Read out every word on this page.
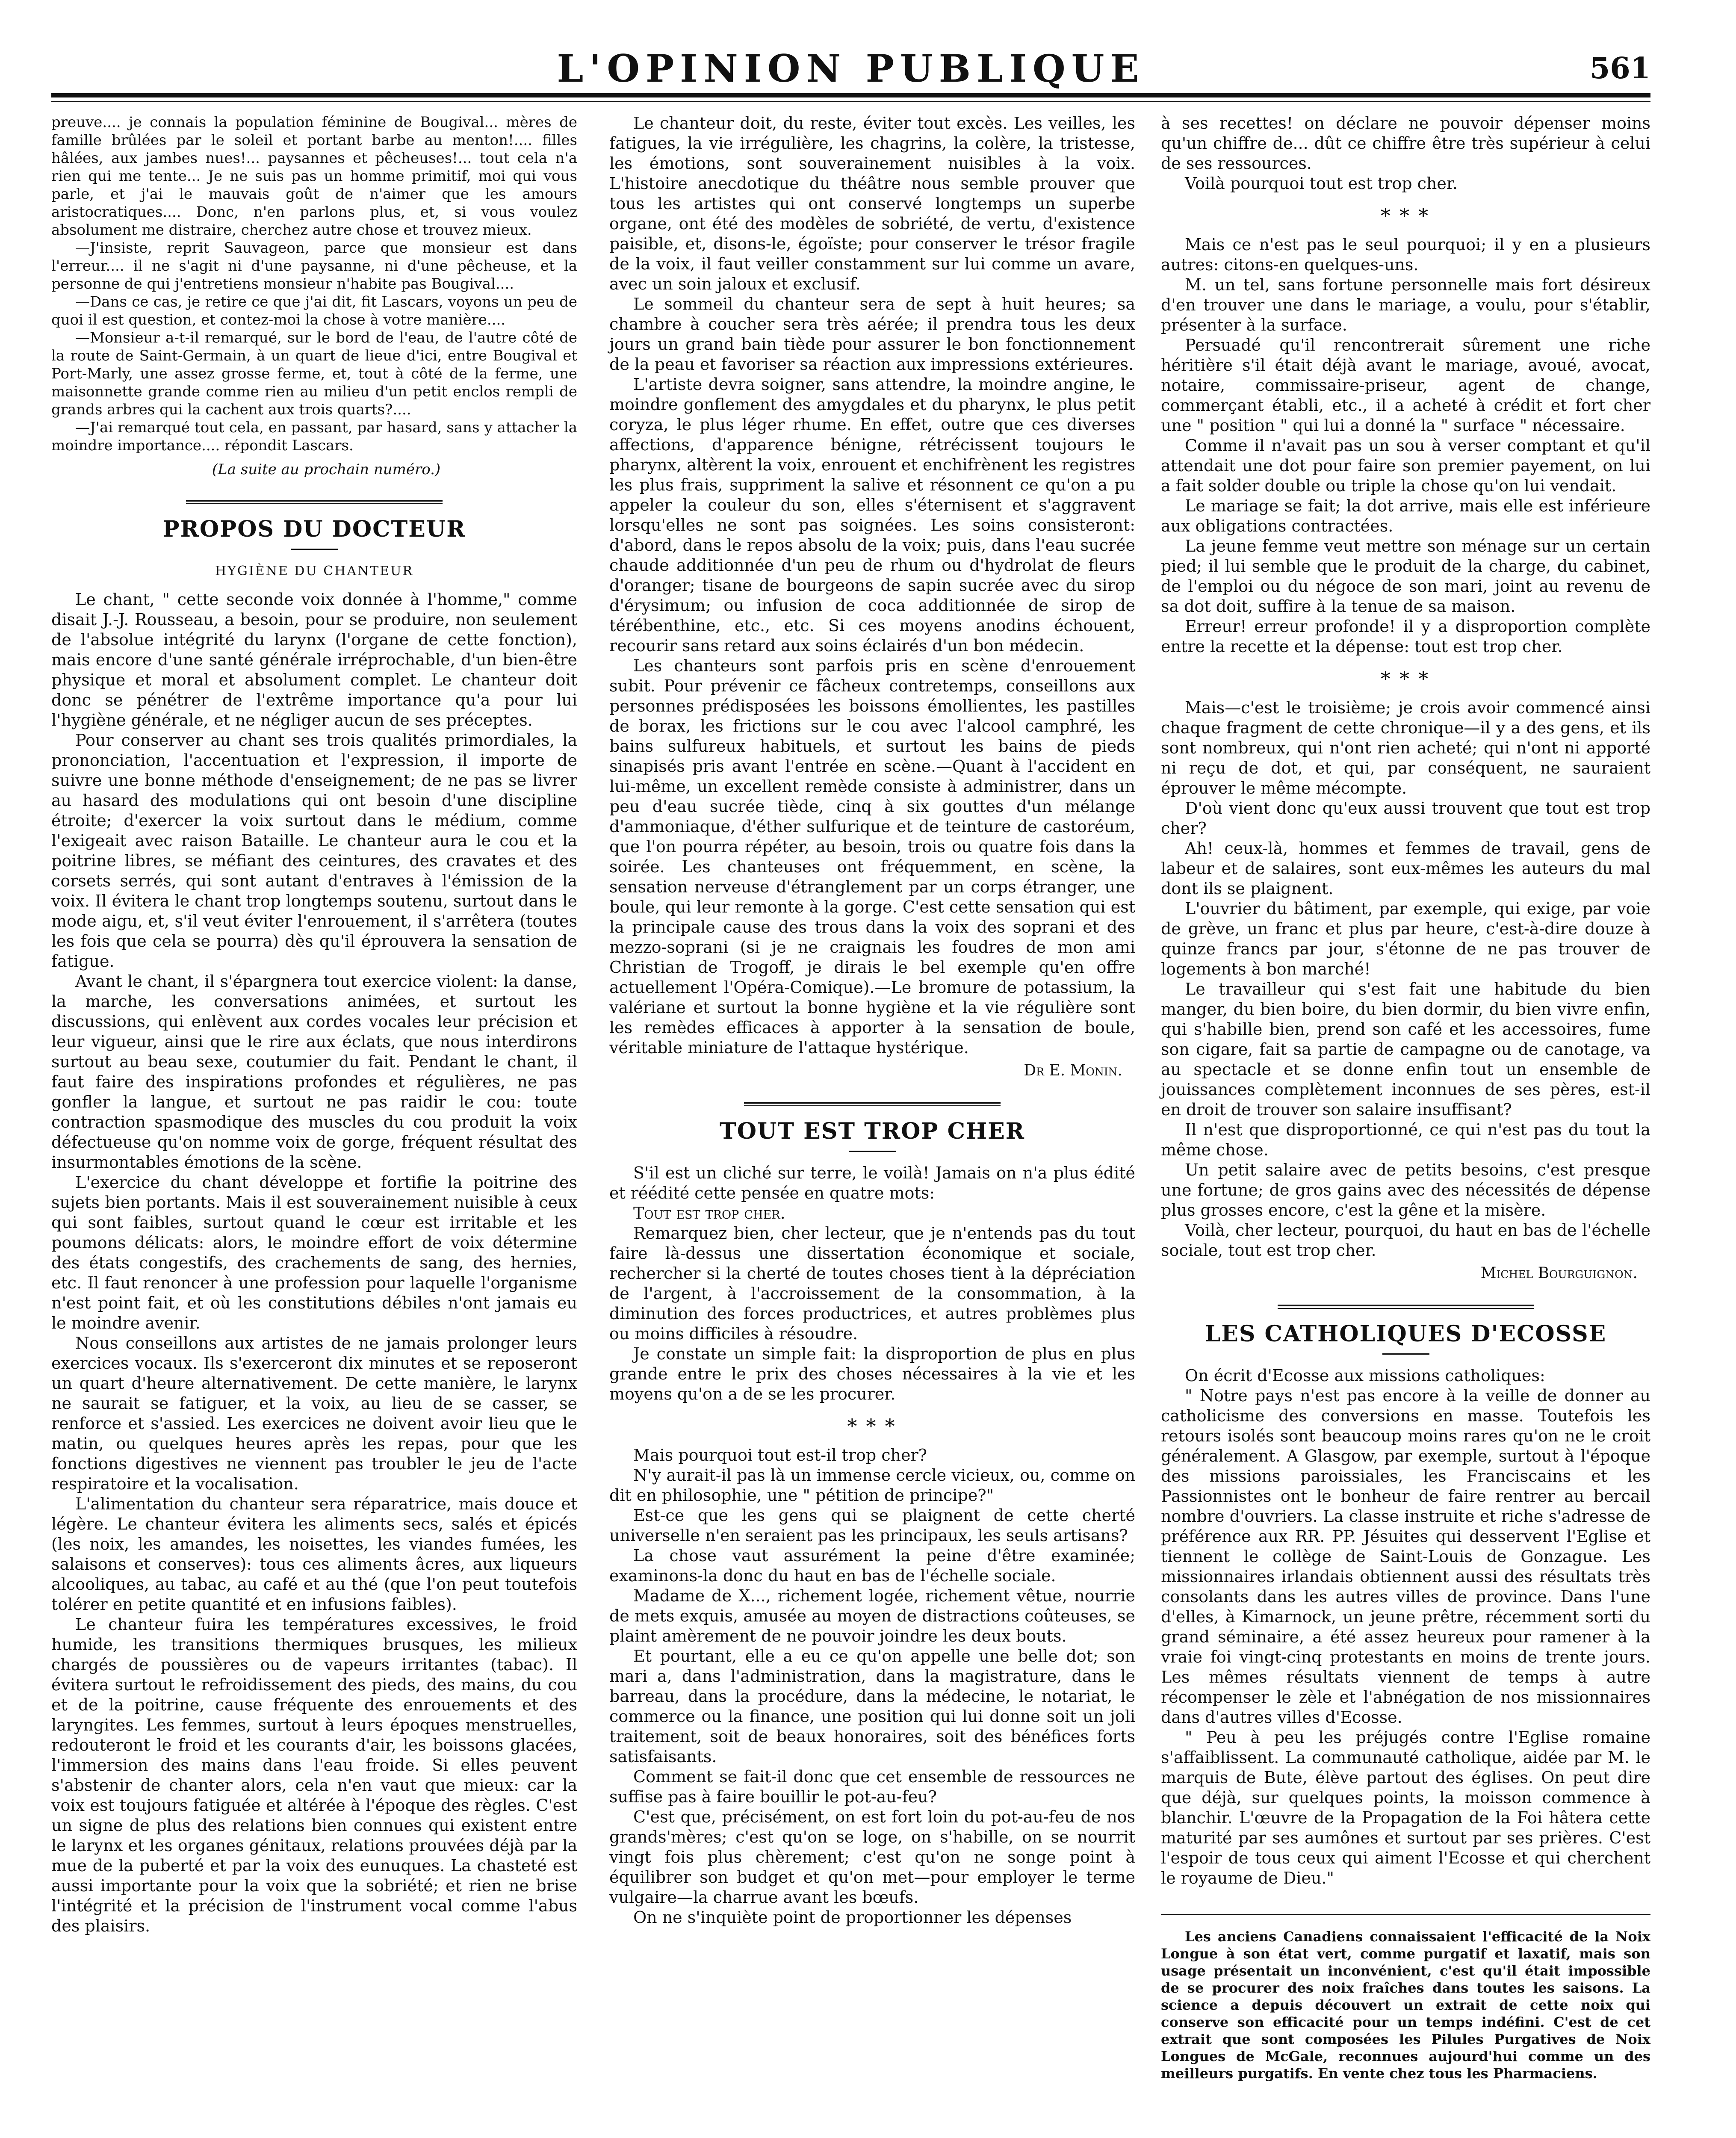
L'OPINION PUBLIQUE	561

preuve.... je connais la population féminine de Bougival... mères de famille brûlées par le soleil et portant barbe au menton!.... filles hâlées, aux jambes nues!... paysannes et pêcheuses!... tout cela n'a rien qui me tente... Je ne suis pas un homme primitif, moi qui vous parle, et j'ai le mauvais goût de n'aimer que les amours aristocratiques.... Donc, n'en parlons plus, et, si vous voulez absolument me distraire, cherchez autre chose et trouvez mieux.

—J'insiste, reprit Sauvageon, parce que monsieur est dans l'erreur.... il ne s'agit ni d'une paysanne, ni d'une pêcheuse, et la personne de qui j'entretiens monsieur n'habite pas Bougival....

—Dans ce cas, je retire ce que j'ai dit, fit Lascars, voyons un peu de quoi il est question, et contez-moi la chose à votre manière....

—Monsieur a-t-il remarqué, sur le bord de l'eau, de l'autre côté de la route de Saint-Germain, à un quart de lieue d'ici, entre Bougival et Port-Marly, une assez grosse ferme, et, tout à côté de la ferme, une maisonnette grande comme rien au milieu d'un petit enclos rempli de grands arbres qui la cachent aux trois quarts?....

—J'ai remarqué tout cela, en passant, par hasard, sans y attacher la moindre importance.... répondit Lascars.

(La suite au prochain numéro.)

PROPOS DU DOCTEUR
HYGIÈNE DU CHANTEUR

Le chant, " cette seconde voix donnée à l'homme," comme disait J.-J. Rousseau, a besoin, pour se produire, non seulement de l'absolue intégrité du larynx (l'organe de cette fonction), mais encore d'une santé générale irréprochable, d'un bien-être physique et moral et absolument complet. Le chanteur doit donc se pénétrer de l'extrême importance qu'a pour lui l'hygiène générale, et ne négliger aucun de ses préceptes.

Pour conserver au chant ses trois qualités primordiales, la prononciation, l'accentuation et l'expression, il importe de suivre une bonne méthode d'enseignement; de ne pas se livrer au hasard des modulations qui ont besoin d'une discipline étroite; d'exercer la voix surtout dans le médium, comme l'exigeait avec raison Bataille. Le chanteur aura le cou et la poitrine libres, se méfiant des ceintures, des cravates et des corsets serrés, qui sont autant d'entraves à l'émission de la voix. Il évitera le chant trop longtemps soutenu, surtout dans le mode aigu, et, s'il veut éviter l'enrouement, il s'arrêtera (toutes les fois que cela se pourra) dès qu'il éprouvera la sensation de fatigue.

Avant le chant, il s'épargnera tout exercice violent: la danse, la marche, les conversations animées, et surtout les discussions, qui enlèvent aux cordes vocales leur précision et leur vigueur, ainsi que le rire aux éclats, que nous interdirons surtout au beau sexe, coutumier du fait. Pendant le chant, il faut faire des inspirations profondes et régulières, ne pas gonfler la langue, et surtout ne pas raidir le cou: toute contraction spasmodique des muscles du cou produit la voix défectueuse qu'on nomme voix de gorge, fréquent résultat des insurmontables émotions de la scène.

L'exercice du chant développe et fortifie la poitrine des sujets bien portants. Mais il est souverainement nuisible à ceux qui sont faibles, surtout quand le cœur est irritable et les poumons délicats: alors, le moindre effort de voix détermine des états congestifs, des crachements de sang, des hernies, etc. Il faut renoncer à une profession pour laquelle l'organisme n'est point fait, et où les constitutions débiles n'ont jamais eu le moindre avenir.

Nous conseillons aux artistes de ne jamais prolonger leurs exercices vocaux. Ils s'exerceront dix minutes et se reposeront un quart d'heure alternativement. De cette manière, le larynx ne saurait se fatiguer, et la voix, au lieu de se casser, se renforce et s'assied. Les exercices ne doivent avoir lieu que le matin, ou quelques heures après les repas, pour que les fonctions digestives ne viennent pas troubler le jeu de l'acte respiratoire et la vocalisation.

L'alimentation du chanteur sera réparatrice, mais douce et légère. Le chanteur évitera les aliments secs, salés et épicés (les noix, les amandes, les noisettes, les viandes fumées, les salaisons et conserves): tous ces aliments âcres, aux liqueurs alcooliques, au tabac, au café et au thé (que l'on peut toutefois tolérer en petite quantité et en infusions faibles).

Le chanteur fuira les températures excessives, le froid humide, les transitions thermiques brusques, les milieux chargés de poussières ou de vapeurs irritantes (tabac). Il évitera surtout le refroidissement des pieds, des mains, du cou et de la poitrine, cause fréquente des enrouements et des laryngites. Les femmes, surtout à leurs époques menstruelles, redouteront le froid et les courants d'air, les boissons glacées, l'immersion des mains dans l'eau froide. Si elles peuvent s'abstenir de chanter alors, cela n'en vaut que mieux: car la voix est toujours fatiguée et altérée à l'époque des règles. C'est un signe de plus des relations bien connues qui existent entre le larynx et les organes génitaux, relations prouvées déjà par la mue de la puberté et par la voix des eunuques. La chasteté est aussi importante pour la voix que la sobriété; et rien ne brise l'intégrité et la précision de l'instrument vocal comme l'abus des plaisirs.

Le chanteur doit, du reste, éviter tout excès. Les veilles, les fatigues, la vie irrégulière, les chagrins, la colère, la tristesse, les émotions, sont souverainement nuisibles à la voix. L'histoire anecdotique du théâtre nous semble prouver que tous les artistes qui ont conservé longtemps un superbe organe, ont été des modèles de sobriété, de vertu, d'existence paisible, et, disons-le, égoïste; pour conserver le trésor fragile de la voix, il faut veiller constamment sur lui comme un avare, avec un soin jaloux et exclusif.

Le sommeil du chanteur sera de sept à huit heures; sa chambre à coucher sera très aérée; il prendra tous les deux jours un grand bain tiède pour assurer le bon fonctionnement de la peau et favoriser sa réaction aux impressions extérieures.

L'artiste devra soigner, sans attendre, la moindre angine, le moindre gonflement des amygdales et du pharynx, le plus petit coryza, le plus léger rhume. En effet, outre que ces diverses affections, d'apparence bénigne, rétrécissent toujours le pharynx, altèrent la voix, enrouent et enchifrènent les registres les plus frais, suppriment la salive et résonnent ce qu'on a pu appeler la couleur du son, elles s'éternisent et s'aggravent lorsqu'elles ne sont pas soignées. Les soins consisteront: d'abord, dans le repos absolu de la voix; puis, dans l'eau sucrée chaude additionnée d'un peu de rhum ou d'hydrolat de fleurs d'oranger; tisane de bourgeons de sapin sucrée avec du sirop d'érysimum; ou infusion de coca additionnée de sirop de térébenthine, etc., etc. Si ces moyens anodins échouent, recourir sans retard aux soins éclairés d'un bon médecin.

Les chanteurs sont parfois pris en scène d'enrouement subit. Pour prévenir ce fâcheux contretemps, conseillons aux personnes prédisposées les boissons émollientes, les pastilles de borax, les frictions sur le cou avec l'alcool camphré, les bains sulfureux habituels, et surtout les bains de pieds sinapisés pris avant l'entrée en scène.—Quant à l'accident en lui-même, un excellent remède consiste à administrer, dans un peu d'eau sucrée tiède, cinq à six gouttes d'un mélange d'ammoniaque, d'éther sulfurique et de teinture de castoréum, que l'on pourra répéter, au besoin, trois ou quatre fois dans la soirée. Les chanteuses ont fréquemment, en scène, la sensation nerveuse d'étranglement par un corps étranger, une boule, qui leur remonte à la gorge. C'est cette sensation qui est la principale cause des trous dans la voix des soprani et des mezzo-soprani (si je ne craignais les foudres de mon ami Christian de Trogoff, je dirais le bel exemple qu'en offre actuellement l'Opéra-Comique).—Le bromure de potassium, la valériane et surtout la bonne hygiène et la vie régulière sont les remèdes efficaces à apporter à la sensation de boule, véritable miniature de l'attaque hystérique.

Dr E. Monin.
TOUT EST TROP CHER

S'il est un cliché sur terre, le voilà! Jamais on n'a plus édité et réédité cette pensée en quatre mots:

Tout est trop cher.

Remarquez bien, cher lecteur, que je n'entends pas du tout faire là-dessus une dissertation économique et sociale, rechercher si la cherté de toutes choses tient à la dépréciation de l'argent, à l'accroissement de la consommation, à la diminution des forces productrices, et autres problèmes plus ou moins difficiles à résoudre.

Je constate un simple fait: la disproportion de plus en plus grande entre le prix des choses nécessaires à la vie et les moyens qu'on a de se les procurer.

* * *

Mais pourquoi tout est-il trop cher?

N'y aurait-il pas là un immense cercle vicieux, ou, comme on dit en philosophie, une " pétition de principe?"

Est-ce que les gens qui se plaignent de cette cherté universelle n'en seraient pas les principaux, les seuls artisans?

La chose vaut assurément la peine d'être examinée; examinons-la donc du haut en bas de l'échelle sociale.

Madame de X..., richement logée, richement vêtue, nourrie de mets exquis, amusée au moyen de distractions coûteuses, se plaint amèrement de ne pouvoir joindre les deux bouts.

Et pourtant, elle a eu ce qu'on appelle une belle dot; son mari a, dans l'administration, dans la magistrature, dans le barreau, dans la procédure, dans la médecine, le notariat, le commerce ou la finance, une position qui lui donne soit un joli traitement, soit de beaux honoraires, soit des bénéfices forts satisfaisants.

Comment se fait-il donc que cet ensemble de ressources ne suffise pas à faire bouillir le pot-au-feu?

C'est que, précisément, on est fort loin du pot-au-feu de nos grands'mères; c'est qu'on se loge, on s'habille, on se nourrit vingt fois plus chèrement; c'est qu'on ne songe point à équilibrer son budget et qu'on met—pour employer le terme vulgaire—la charrue avant les bœufs.

On ne s'inquiète point de proportionner les dépenses

à ses recettes! on déclare ne pouvoir dépenser moins qu'un chiffre de... dût ce chiffre être très supérieur à celui de ses ressources.

Voilà pourquoi tout est trop cher.

* * *

Mais ce n'est pas le seul pourquoi; il y en a plusieurs autres: citons-en quelques-uns.

M. un tel, sans fortune personnelle mais fort désireux d'en trouver une dans le mariage, a voulu, pour s'établir, présenter à la surface.

Persuadé qu'il rencontrerait sûrement une riche héritière s'il était déjà avant le mariage, avoué, avocat, notaire, commissaire-priseur, agent de change, commerçant établi, etc., il a acheté à crédit et fort cher une " position " qui lui a donné la " surface " nécessaire.

Comme il n'avait pas un sou à verser comptant et qu'il attendait une dot pour faire son premier payement, on lui a fait solder double ou triple la chose qu'on lui vendait.

Le mariage se fait; la dot arrive, mais elle est inférieure aux obligations contractées.

La jeune femme veut mettre son ménage sur un certain pied; il lui semble que le produit de la charge, du cabinet, de l'emploi ou du négoce de son mari, joint au revenu de sa dot doit, suffire à la tenue de sa maison.

Erreur! erreur profonde! il y a disproportion complète entre la recette et la dépense: tout est trop cher.

* * *

Mais—c'est le troisième; je crois avoir commencé ainsi chaque fragment de cette chronique—il y a des gens, et ils sont nombreux, qui n'ont rien acheté; qui n'ont ni apporté ni reçu de dot, et qui, par conséquent, ne sauraient éprouver le même mécompte.

D'où vient donc qu'eux aussi trouvent que tout est trop cher?

Ah! ceux-là, hommes et femmes de travail, gens de labeur et de salaires, sont eux-mêmes les auteurs du mal dont ils se plaignent.

L'ouvrier du bâtiment, par exemple, qui exige, par voie de grève, un franc et plus par heure, c'est-à-dire douze à quinze francs par jour, s'étonne de ne pas trouver de logements à bon marché!

Le travailleur qui s'est fait une habitude du bien manger, du bien boire, du bien dormir, du bien vivre enfin, qui s'habille bien, prend son café et les accessoires, fume son cigare, fait sa partie de campagne ou de canotage, va au spectacle et se donne enfin tout un ensemble de jouissances complètement inconnues de ses pères, est-il en droit de trouver son salaire insuffisant?

Il n'est que disproportionné, ce qui n'est pas du tout la même chose.

Un petit salaire avec de petits besoins, c'est presque une fortune; de gros gains avec des nécessités de dépense plus grosses encore, c'est la gêne et la misère.

Voilà, cher lecteur, pourquoi, du haut en bas de l'échelle sociale, tout est trop cher.

Michel Bourguignon.
LES CATHOLIQUES D'ECOSSE

On écrit d'Ecosse aux missions catholiques:

" Notre pays n'est pas encore à la veille de donner au catholicisme des conversions en masse. Toutefois les retours isolés sont beaucoup moins rares qu'on ne le croit généralement. A Glasgow, par exemple, surtout à l'époque des missions paroissiales, les Franciscains et les Passionnistes ont le bonheur de faire rentrer au bercail nombre d'ouvriers. La classe instruite et riche s'adresse de préférence aux RR. PP. Jésuites qui desservent l'Eglise et tiennent le collège de Saint-Louis de Gonzague. Les missionnaires irlandais obtiennent aussi des résultats très consolants dans les autres villes de province. Dans l'une d'elles, à Kimarnock, un jeune prêtre, récemment sorti du grand séminaire, a été assez heureux pour ramener à la vraie foi vingt-cinq protestants en moins de trente jours. Les mêmes résultats viennent de temps à autre récompenser le zèle et l'abnégation de nos missionnaires dans d'autres villes d'Ecosse.

" Peu à peu les préjugés contre l'Eglise romaine s'affaiblissent. La communauté catholique, aidée par M. le marquis de Bute, élève partout des églises. On peut dire que déjà, sur quelques points, la moisson commence à blanchir. L'œuvre de la Propagation de la Foi hâtera cette maturité par ses aumônes et surtout par ses prières. C'est l'espoir de tous ceux qui aiment l'Ecosse et qui cherchent le royaume de Dieu."

Les anciens Canadiens connaissaient l'efficacité de la Noix Longue à son état vert, comme purgatif et laxatif, mais son usage présentait un inconvénient, c'est qu'il était impossible de se procurer des noix fraîches dans toutes les saisons. La science a depuis découvert un extrait de cette noix qui conserve son efficacité pour un temps indéfini. C'est de cet extrait que sont composées les Pilules Purgatives de Noix Longues de McGale, reconnues aujourd'hui comme un des meilleurs purgatifs. En vente chez tous les Pharmaciens.
